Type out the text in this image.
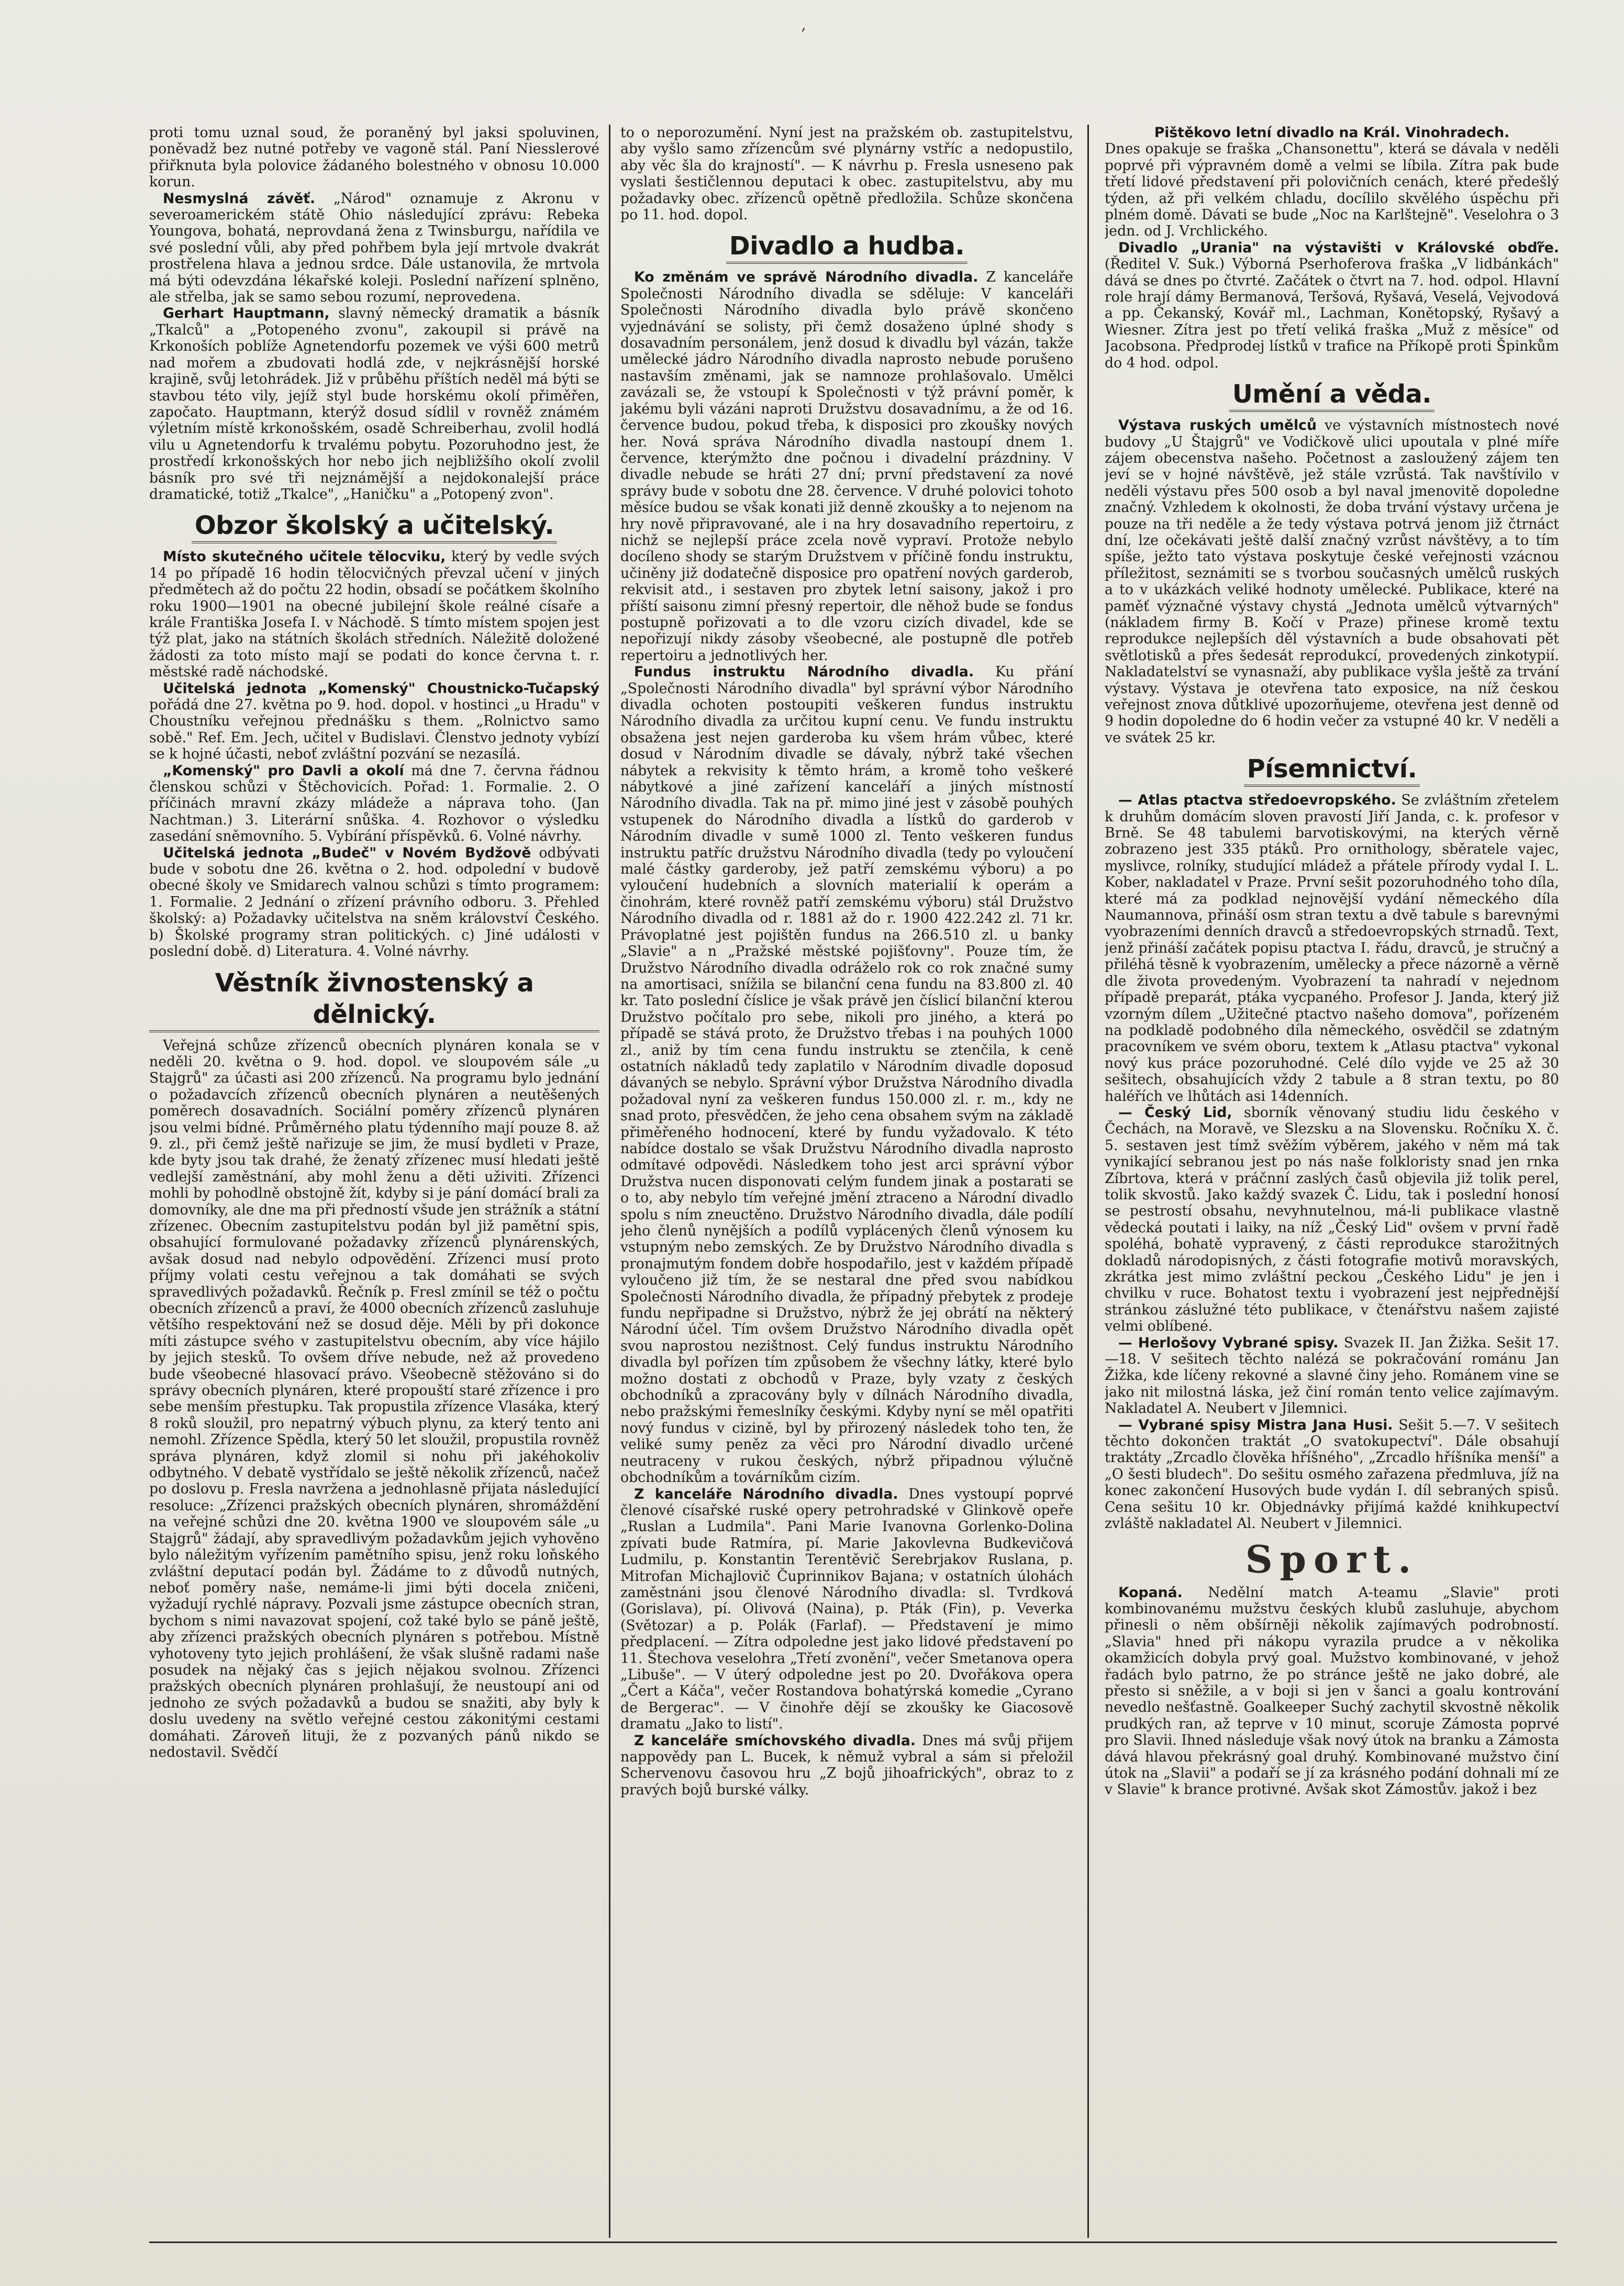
‚

proti tomu uznal soud, že poraněný byl jaksi spoluvinen, poněvadž bez nutné potřeby ve vagoně stál. Paní Niesslerové přiřknuta byla polovice žádaného bolestného v obnosu 10.000 korun.

Nesmyslná závěť. „Národ" oznamuje z Akronu v severoamerickém státě Ohio následující zprávu: Rebeka Youngova, bohatá, neprovdaná žena z Twinsburgu, nařídila ve své poslední vůli, aby před pohřbem byla její mrtvole dvakrát prostřelena hlava a jednou srdce. Dále ustanovila, že mrtvola má býti odevzdána lékařské koleji. Poslední nařízení splněno, ale střelba, jak se samo sebou rozumí, neprovedena.

Gerhart Hauptmann, slavný německý dramatik a básník „Tkalců" a „Potopeného zvonu", zakoupil si právě na Krkonoších poblíže Agnetendorfu pozemek ve výši 600 metrů nad mořem a zbudovati hodlá zde, v nejkrásnější horské krajině, svůj letohrádek. Již v průběhu příštích neděl má býti se stavbou této vily, jejíž styl bude horskému okolí přiměřen, započato. Hauptmann, kterýž dosud sídlil v rovněž známém výletním místě krkonošském, osadě Schreiberhau, zvolil hodlá vilu u Agnetendorfu k trvalému pobytu. Pozoruhodno jest, že prostředí krkonošských hor nebo jich nejbližšího okolí zvolil básník pro své tři nejznámější a nejdokonalejší práce dramatické, totiž „Tkalce", „Haničku" a „Potopený zvon".

Obzor školský a učitelský.

Místo skutečného učitele tělocviku, který by vedle svých 14 po případě 16 hodin tělocvičných převzal učení v jiných předmětech až do počtu 22 hodin, obsadí se počátkem školního roku 1900—1901 na obecné jubilejní škole reálné císaře a krále Františka Josefa I. v Náchodě. S tímto místem spojen jest týž plat, jako na státních školách středních. Náležitě doložené žádosti za toto místo mají se podati do konce června t. r. městské radě náchodské.

Učitelská jednota „Komenský" Choustnicko-Tučapský pořádá dne 27. května po 9. hod. dopol. v hostinci „u Hradu" v Choustníku veřejnou přednášku s them. „Rolnictvo samo sobě." Ref. Em. Jech, učitel v Budislavi. Členstvo jednoty vybízí se k hojné účasti, neboť zvláštní pozvání se nezasílá.

„Komenský" pro Davli a okolí má dne 7. června řádnou členskou schůzi v Štěchovicích. Pořad: 1. Formalie. 2. O příčinách mravní zkázy mládeže a náprava toho. (Jan Nachtman.) 3. Literární snůška. 4. Rozhovor o výsledku zasedání sněmovního. 5. Vybírání příspěvků. 6. Volné návrhy.

Učitelská jednota „Budeč" v Novém Bydžově odbývati bude v sobotu dne 26. května o 2. hod. odpolední v budově obecné školy ve Smidarech valnou schůzi s tímto programem: 1. Formalie. 2 Jednání o zřízení právního odboru. 3. Přehled školský: a) Požadavky učitelstva na sněm království Českého. b) Školské programy stran politických. c) Jiné události v poslední době. d) Literatura. 4. Volné návrhy.

Věstník živnostenský a dělnický.

Veřejná schůze zřízenců obecních plynáren konala se v neděli 20. května o 9. hod. dopol. ve sloupovém sále „u Stajgrů" za účasti asi 200 zřízenců. Na programu bylo jednání o požadavcích zřízenců obecních plynáren a neutěšených poměrech dosavadních. Sociální poměry zřízenců plynáren jsou velmi bídné. Průměrného platu týdenního mají pouze 8. až 9. zl., při čemž ještě nařizuje se jim, že musí bydleti v Praze, kde byty jsou tak drahé, že ženatý zřízenec musí hledati ještě vedlejší zaměstnání, aby mohl ženu a děti uživiti. Zřízenci mohli by pohodlně obstojně žít, kdyby si je pání domácí brali za domovníky, ale dne ma při předností všude jen strážník a státní zřízenec. Obecním zastupitelstvu podán byl již pamětní spis, obsahující formulované požadavky zřízenců plynárenských, avšak dosud nad nebylo odpovědění. Zřízenci musí proto příjmy volati cestu veřejnou a tak domáhati se svých spravedlivých požadavků. Řečník p. Fresl zmínil se též o počtu obecních zřízenců a praví, že 4000 obecních zřízenců zasluhuje většího respektování než se dosud děje. Měli by při dokonce míti zástupce svého v zastupitelstvu obecním, aby více hájilo by jejich stesků. To ovšem dříve nebude, než až provedeno bude všeobecné hlasovací právo. Všeobecně stěžováno si do správy obecních plynáren, které propouští staré zřízence i pro sebe menším přestupku. Tak propustila zřízence Vlasáka, který 8 roků sloužil, pro nepatrný výbuch plynu, za který tento ani nemohl. Zřízence Spědla, který 50 let sloužil, propustila rovněž správa plynáren, když zlomil si nohu při jakéhokoliv odbytného. V debatě vystřídalo se ještě několik zřízenců, načež po doslovu p. Fresla navržena a jednohlasně přijata následující resoluce: „Zřízenci pražských obecních plynáren, shromáždění na veřejné schůzi dne 20. května 1900 ve sloupovém sále „u Stajgrů" žádají, aby spravedlivým požadavkům jejich vyhověno bylo náležitým vyřízením pamětního spisu, jenž roku loňského zvláštní deputací podán byl. Žádáme to z důvodů nutných, neboť poměry naše, nemáme-li jimi býti docela zničeni, vyžadují rychlé nápravy. Pozvali jsme zástupce obecních stran, bychom s nimi navazovat spojení, což také bylo se páně ještě, aby zřízenci pražských obecních plynáren s potřebou. Místně vyhotoveny tyto jejich prohlášení, že však slušně radami naše posudek na nějaký čas s jejich nějakou svolnou. Zřízenci pražských obecních plynáren prohlašují, že neustoupí ani od jednoho ze svých požadavků a budou se snažiti, aby byly k doslu uvedeny na světlo veřejné cestou zákonitými cestami domáhati. Zároveň lituji, že z pozvaných pánů nikdo se nedostavil. Svědčí

to o neporozumění. Nyní jest na pražském ob. zastupitelstvu, aby vyšlo samo zřízencům své plynárny vstříc a nedopustilo, aby věc šla do krajností". — K návrhu p. Fresla usneseno pak vyslati šestičlennou deputaci k obec. zastupitelstvu, aby mu požadavky obec. zřízenců opětně předložila. Schůze skončena po 11. hod. dopol.

Divadlo a hudba.

Ko změnám ve správě Národního divadla. Z kanceláře Společnosti Národního divadla se sděluje: V kanceláři Společnosti Národního divadla bylo právě skončeno vyjednávání se solisty, při čemž dosaženo úplné shody s dosavadním personálem, jenž dosud k divadlu byl vázán, takže umělecké jádro Národního divadla naprosto nebude porušeno nastavším změnami, jak se namnoze prohlašovalo. Umělci zavázali se, že vstoupí k Společnosti v týž právní poměr, k jakému byli vázáni naproti Družstvu dosavadnímu, a že od 16. července budou, pokud třeba, k disposici pro zkoušky nových her. Nová správa Národního divadla nastoupí dnem 1. července, kterýmžto dne počnou i divadelní prázdniny. V divadle nebude se hráti 27 dní; první představení za nové správy bude v sobotu dne 28. července. V druhé polovici tohoto měsíce budou se však konati již denně zkoušky a to nejenom na hry nově připravované, ale i na hry dosavadního repertoiru, z nichž se nejlepší práce zcela nově vypraví. Protože nebylo docíleno shody se starým Družstvem v příčině fondu instruktu, učiněny již dodatečně disposice pro opatření nových garderob, rekvisit atd., i sestaven pro zbytek letní saisony, jakož i pro příští saisonu zimní přesný repertoir, dle něhož bude se fondus postupně pořizovati a to dle vzoru cizích divadel, kde se nepořizují nikdy zásoby všeobecné, ale postupně dle potřeb repertoiru a jednotlivých her.

Fundus instruktu Národního divadla. Ku přání „Společnosti Národního divadla" byl správní výbor Národního divadla ochoten postoupiti veškeren fundus instruktu Národního divadla za určitou kupní cenu. Ve fundu instruktu obsažena jest nejen garderoba ku všem hrám vůbec, které dosud v Národním divadle se dávaly, nýbrž také všechen nábytek a rekvisity k těmto hrám, a kromě toho veškeré nábytkové a jiné zařízení kanceláří a jiných místností Národního divadla. Tak na př. mimo jiné jest v zásobě pouhých vstupenek do Národního divadla a lístků do garderob v Národním divadle v sumě 1000 zl. Tento veškeren fundus instruktu patříc družstvu Národního divadla (tedy po vyloučení malé částky garderoby, jež patří zemskému výboru) a po vyloučení hudebních a slovních materialií k operám a činohrám, které rovněž patří zemskému výboru) stál Družstvo Národního divadla od r. 1881 až do r. 1900 422.242 zl. 71 kr. Právoplatné jest pojištěn fundus na 266.510 zl. u banky „Slavie" a n „Pražské městské pojišťovny". Pouze tím, že Družstvo Národního divadla odráželo rok co rok značné sumy na amortisaci, snížila se bilanční cena fundu na 83.800 zl. 40 kr. Tato poslední číslice je však právě jen číslicí bilanční kterou Družstvo počítalo pro sebe, nikoli pro jiného, a která po případě se stává proto, že Družstvo třebas i na pouhých 1000 zl., aniž by tím cena fundu instruktu se ztenčila, k ceně ostatních nákladů tedy zaplatilo v Národním divadle doposud dávaných se nebylo. Správní výbor Družstva Národního divadla požadoval nyní za veškeren fundus 150.000 zl. r. m., kdy ne snad proto, přesvědčen, že jeho cena obsahem svým na základě přiměřeného hodnocení, které by fundu vyžadovalo. K této nabídce dostalo se však Družstvu Národního divadla naprosto odmítavé odpovědi. Následkem toho jest arci správní výbor Družstva nucen disponovati celým fundem jinak a postarati se o to, aby nebylo tím veřejné jmění ztraceno a Národní divadlo spolu s ním zneuctěno. Družstvo Národního divadla, dále podílí jeho členů nynějších a podílů vyplácených členů výnosem ku vstupným nebo zemských. Ze by Družstvo Národního divadla s pronajmutým fondem dobře hospodařilo, jest v každém případě vyloučeno již tím, že se nestaral dne před svou nabídkou Společnosti Národního divadla, že případný přebytek z prodeje fundu nepřipadne si Družstvo, nýbrž že jej obrátí na některý Národní účel. Tím ovšem Družstvo Národního divadla opět svou naprostou nezištnost. Celý fundus instruktu Národního divadla byl pořízen tím způsobem že všechny látky, které bylo možno dostati z obchodů v Praze, byly vzaty z českých obchodníků a zpracovány byly v dílnách Národního divadla, nebo pražskými řemeslníky českými. Kdyby nyní se měl opatřiti nový fundus v cizině, byl by přirozený následek toho ten, že veliké sumy peněz za věci pro Národní divadlo určené neutraceny v rukou českých, nýbrž připadnou výlučně obchodníkům a továrníkům cizím.

Z kanceláře Národního divadla. Dnes vystoupí poprvé členové císařské ruské opery petrohradské v Glinkově opeře „Ruslan a Ludmila". Pani Marie Ivanovna Gorlenko-Dolina zpívati bude Ratmíra, pí. Marie Jakovlevna Budkevičová Ludmilu, p. Konstantin Terentěvič Serebrjakov Ruslana, p. Mitrofan Michajlovič Čuprinnikov Bajana; v ostatních úlohách zaměstnáni jsou členové Národního divadla: sl. Tvrdková (Gorislava), pí. Olivová (Naina), p. Pták (Fin), p. Veverka (Světozar) a p. Polák (Farlaf). — Představení je mimo předplacení. — Zítra odpoledne jest jako lidové představení po 11. Štechova veselohra „Třetí zvonění", večer Smetanova opera „Libuše". — V úterý odpoledne jest po 20. Dvořákova opera „Čert a Káča", večer Rostandova bohatýrská komedie „Cyrano de Bergerac". — V činohře dějí se zkoušky ke Giacosově dramatu „Jako to listí".

Z kanceláře smíchovského divadla. Dnes má svůj přijem nappovědy pan L. Bucek, k němuž vybral a sám si přeložil Schervenovu časovou hru „Z bojů jihoafrických", obraz to z pravých bojů burské války.

Pištěkovo letní divadlo na Král. Vinohradech.

Dnes opakuje se fraška „Chansonettu", která se dávala v neděli poprvé při výpravném domě a velmi se líbila. Zítra pak bude třetí lidové představení při polovičních cenách, které předešlý týden, až při velkém chladu, docílilo skvělého úspěchu při plném domě. Dávati se bude „Noc na Karlštejně". Veselohra o 3 jedn. od J. Vrchlického.

Divadlo „Urania" na výstavišti v Královské obďře. (Ředitel V. Suk.) Výborná Pserhoferova fraška „V lidbánkách" dává se dnes po čtvrté. Začátek o čtvrt na 7. hod. odpol. Hlavní role hrají dámy Bermanová, Teršová, Ryšavá, Veselá, Vejvodová a pp. Čekanský, Kovář ml., Lachman, Konětopský, Ryšavý a Wiesner. Zítra jest po třetí veliká fraška „Muž z měsíce" od Jacobsona. Předprodej lístků v trafice na Příkopě proti Špinkům do 4 hod. odpol.

Umění a věda.

Výstava ruských umělců ve výstavních místnostech nové budovy „U Štajgrů" ve Vodičkově ulici upoutala v plné míře zájem obecenstva našeho. Početnost a zasloužený zájem ten jeví se v hojné návštěvě, jež stále vzrůstá. Tak navštívilo v neděli výstavu přes 500 osob a byl naval jmenovitě dopoledne značný. Vzhledem k okolnosti, že doba trvání výstavy určena je pouze na tři neděle a že tedy výstava potrvá jenom již čtrnáct dní, lze očekávati ještě další značný vzrůst návštěvy, a to tím spíše, ježto tato výstava poskytuje české veřejnosti vzácnou příležitost, seznámiti se s tvorbou současných umělců ruských a to v ukázkách veliké hodnoty umělecké. Publikace, které na paměť význačné výstavy chystá „Jednota umělců výtvarných" (nákladem firmy B. Kočí v Praze) přinese kromě textu reprodukce nejlepších děl výstavních a bude obsahovati pět světlotisků a přes šedesát reprodukcí, provedených zinkotypií. Nakladatelství se vynasnaží, aby publikace vyšla ještě za trvání výstavy. Výstava je otevřena tato exposice, na níž českou veřejnost znova důtklivé upozorňujeme, otevřena jest denně od 9 hodin dopoledne do 6 hodin večer za vstupné 40 kr. V neděli a ve svátek 25 kr.

Písemnictví.

— Atlas ptactva středoevropského. Se zvláštním zřetelem k druhům domácím sloven pravostí Jiří Janda, c. k. profesor v Brně. Se 48 tabulemi barvotiskovými, na kterých věrně zobrazeno jest 335 ptáků. Pro ornithology, sběratele vajec, myslivce, rolníky, studující mládež a přátele přírody vydal I. L. Kober, nakladatel v Praze. První sešit pozoruhodného toho díla, které má za podklad nejnovější vydání německého díla Naumannova, přináší osm stran textu a dvě tabule s barevnými vyobrazeními denních dravců a středoevropských strnadů. Text, jenž přináší začátek popisu ptactva I. řádu, dravců, je stručný a přiléhá těsně k vyobrazením, umělecky a přece názorně a věrně dle života provedeným. Vyobrazení ta nahradí v nejednom případě preparát, ptáka vycpaného. Profesor J. Janda, který již vzorným dílem „Užitečné ptactvo našeho domova", pořízeném na podkladě podobného díla německého, osvědčil se zdatným pracovníkem ve svém oboru, textem k „Atlasu ptactva" vykonal nový kus práce pozoruhodné. Celé dílo vyjde ve 25 až 30 sešitech, obsahujících vždy 2 tabule a 8 stran textu, po 80 haléřích ve lhůtách asi 14denních.

— Český Lid, sborník věnovaný studiu lidu českého v Čechách, na Moravě, ve Slezsku a na Slovensku. Ročníku X. č. 5. sestaven jest tímž svěžím výběrem, jakého v něm má tak vynikající sebranou jest po nás naše folkloristy snad jen rnka Zíbrtova, která v práčnní zaslých časů objevila již tolik perel, tolik skvostů. Jako každý svazek Č. Lidu, tak i poslední honosí se pestrostí obsahu, nevyhnutelnou, má-li publikace vlastně vědecká poutati i laiky, na níž „Český Lid" ovšem v první řadě spoléhá, bohatě vypravený, z části reprodukce starožitných dokladů národopisných, z části fotografie motivů moravských, zkrátka jest mimo zvláštní peckou „Českého Lidu" je jen i chvilku v ruce. Bohatost textu i vyobrazení jest nejpřednější stránkou záslužné této publikace, v čtenářstvu našem zajisté velmi oblíbené.

— Herlošovy Vybrané spisy. Svazek II. Jan Žižka. Sešit 17.—18. V sešitech těchto nalézá se pokračování románu Jan Žižka, kde líčeny rekovné a slavné činy jeho. Románem vine se jako nit milostná láska, jež činí román tento velice zajímavým. Nakladatel A. Neubert v Jilemnici.

— Vybrané spisy Mistra Jana Husi. Sešit 5.—7. V sešitech těchto dokončen traktát „O svatokupectví". Dále obsahují traktáty „Zrcadlo člověka hříšného", „Zrcadlo hříšníka menší" a „O šesti bludech". Do sešitu osmého zařazena předmluva, jíž na konec zakončení Husových bude vydán I. díl sebraných spisů. Cena sešitu 10 kr. Objednávky přijímá každé knihkupectví zvláště nakladatel Al. Neubert v Jilemnici.

Sport.

Kopaná. Nedělní match A-teamu „Slavie" proti kombinovanému mužstvu českých klubů zasluhuje, abychom přinesli o něm obšírněji několik zajímavých podrobností. „Slavia" hned při nákopu vyrazila prudce a v několika okamžicích dobyla prvý goal. Mužstvo kombinované, v jehož řadách bylo patrno, že po stránce ještě ne jako dobré, ale přesto si sněžile, a v boji si jen v šanci a goalu kontrování nevedlo nešťastně. Goalkeeper Suchý zachytil skvostně několik prudkých ran, až teprve v 10 minut, scoruje Zámosta poprvé pro Slavii. Ihned následuje však nový útok na branku a Zámosta dává hlavou překrásný goal druhý. Kombinované mužstvo činí útok na „Slavii" a podaří se jí za krásného podání dohnali mí ze v Slavie" k brance protivné. Avšak skot Zámostův. jakož i bez
